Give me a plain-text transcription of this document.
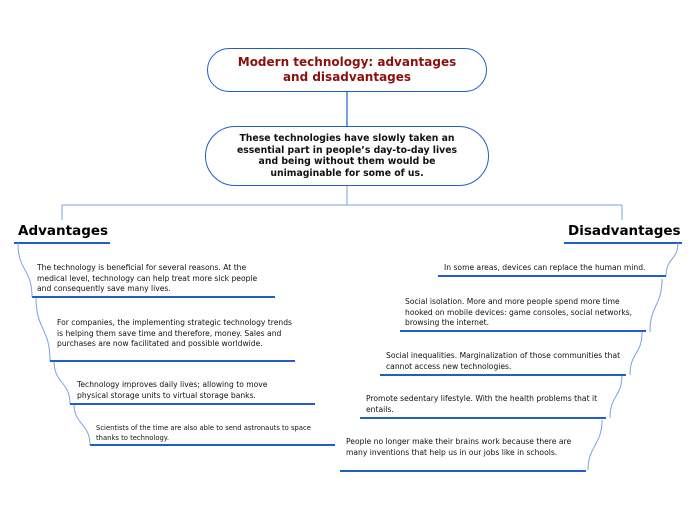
Modern technology: advantages and disadvantages
These technologies have slowly taken an essential part in people’s day-to-day lives and being without them would be unimaginable for some of us.
Advantages	Disadvantages
The technology is beneficial for several reasons. At the medical level, technology can help treat more sick people and consequently save many lives.
For companies, the implementing strategic technology trends is helping them save time and therefore, money. Sales and purchases are now facilitated and possible worldwide.
Technology improves daily lives; allowing to move physical storage units to virtual storage banks.
Scientists of the time are also able to send astronauts to space thanks to technology.
In some areas, devices can replace the human mind.
Social isolation. More and more people spend more time hooked on mobile devices: game consoles, social networks, browsing the internet.
Social inequalities. Marginalization of those communities that cannot access new technologies.
Promote sedentary lifestyle. With the health problems that it entails.
People no longer make their brains work because there are many inventions that help us in our jobs like in schools.
